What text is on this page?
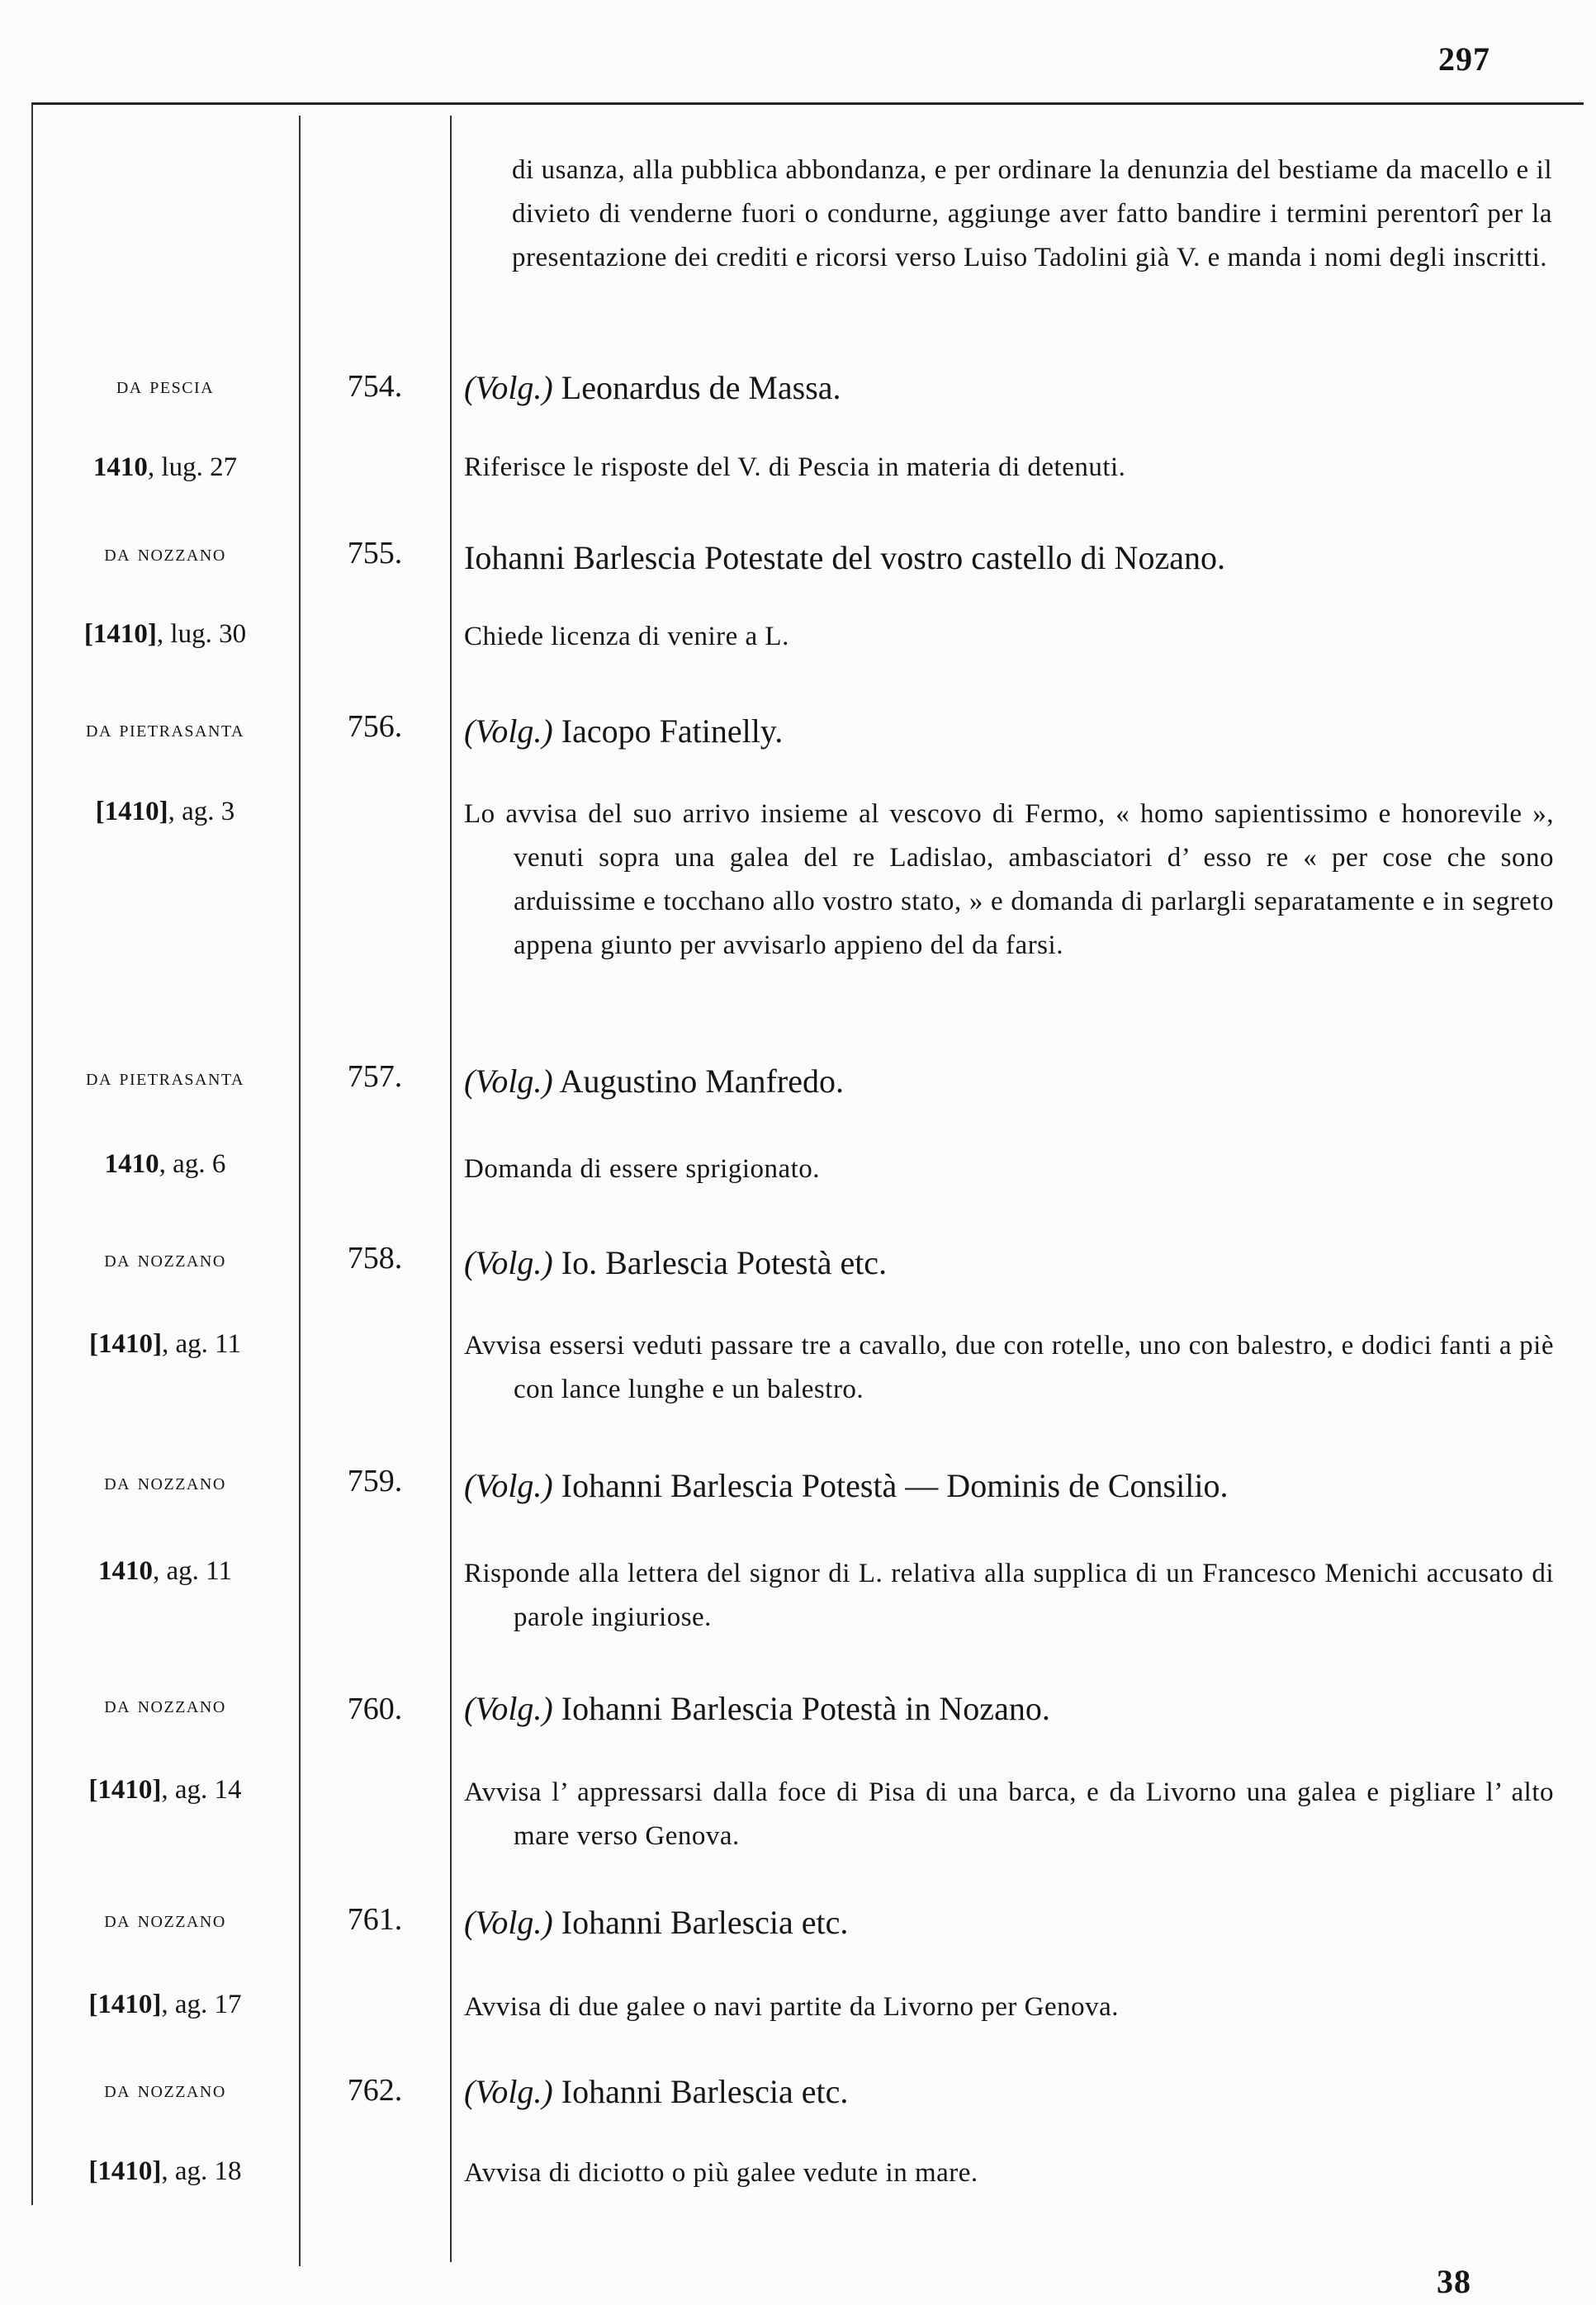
297
di usanza, alla pubblica abbondanza, e per ordinare la denunzia del bestiame da macello e il divieto di venderne fuori o condurne, aggiunge aver fatto bandire i termini perentorî per la presentazione dei crediti e ricorsi verso Luiso Tadolini già V. e manda i nomi degli inscritti.
da pescia	754.	(Volg.) Leonardus de Massa.
1410, lug. 27	Riferisce le risposte del V. di Pescia in materia di detenuti.
da nozzano	755.	Iohanni Barlescia Potestate del vostro castello di Nozano.
[1410], lug. 30	Chiede licenza di venire a L.
da pietrasanta	756.	(Volg.) Iacopo Fatinelly.
[1410], ag. 3	Lo avvisa del suo arrivo insieme al vescovo di Fermo, « homo sapientissimo e honorevile », venuti sopra una galea del re Ladislao, ambasciatori d’ esso re « per cose che sono arduissime e tocchano allo vostro stato, » e domanda di parlargli separatamente e in segreto appena giunto per avvisarlo appieno del da farsi.
da pietrasanta	757.	(Volg.) Augustino Manfredo.
1410, ag. 6	Domanda di essere sprigionato.
da nozzano	758.	(Volg.) Io. Barlescia Potestà etc.
[1410], ag. 11	Avvisa essersi veduti passare tre a cavallo, due con rotelle, uno con balestro, e dodici fanti a piè con lance lunghe e un balestro.
da nozzano	759.	(Volg.) Iohanni Barlescia Potestà — Dominis de Consilio.
1410, ag. 11	Risponde alla lettera del signor di L. relativa alla supplica di un Francesco Menichi accusato di parole ingiuriose.
da nozzano	760.	(Volg.) Iohanni Barlescia Potestà in Nozano.
[1410], ag. 14	Avvisa l’ appressarsi dalla foce di Pisa di una barca, e da Livorno una galea e pigliare l’ alto mare verso Genova.
da nozzano	761.	(Volg.) Iohanni Barlescia etc.
[1410], ag. 17	Avvisa di due galee o navi partite da Livorno per Genova.
da nozzano	762.	(Volg.) Iohanni Barlescia etc.
[1410], ag. 18	Avvisa di diciotto o più galee vedute in mare.
38
